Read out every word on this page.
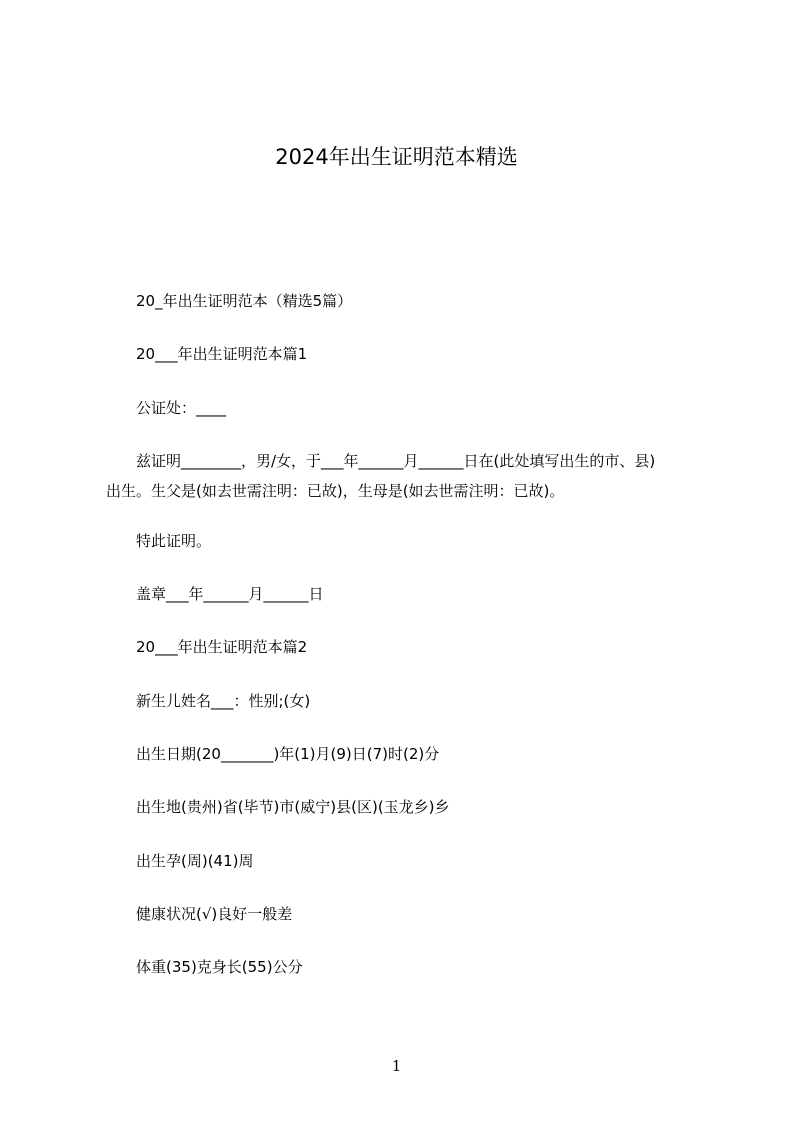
2024年出生证明范本精选
20_年出生证明范本（精选5篇）
20___年出生证明范本篇1
公证处：____
兹证明________，男/女，于___年______月______日在(此处填写出生的市、县)
出生。生父是(如去世需注明：已故)，生母是(如去世需注明：已故)。
特此证明。
盖章___年______月______日
20___年出生证明范本篇2
新生儿姓名___：性别;(女)
出生日期(20_______)年(1)月(9)日(7)时(2)分
出生地(贵州)省(毕节)市(威宁)县(区)(玉龙乡)乡
出生孕(周)(41)周
健康状况(√)良好一般差
体重(35)克身长(55)公分
1
